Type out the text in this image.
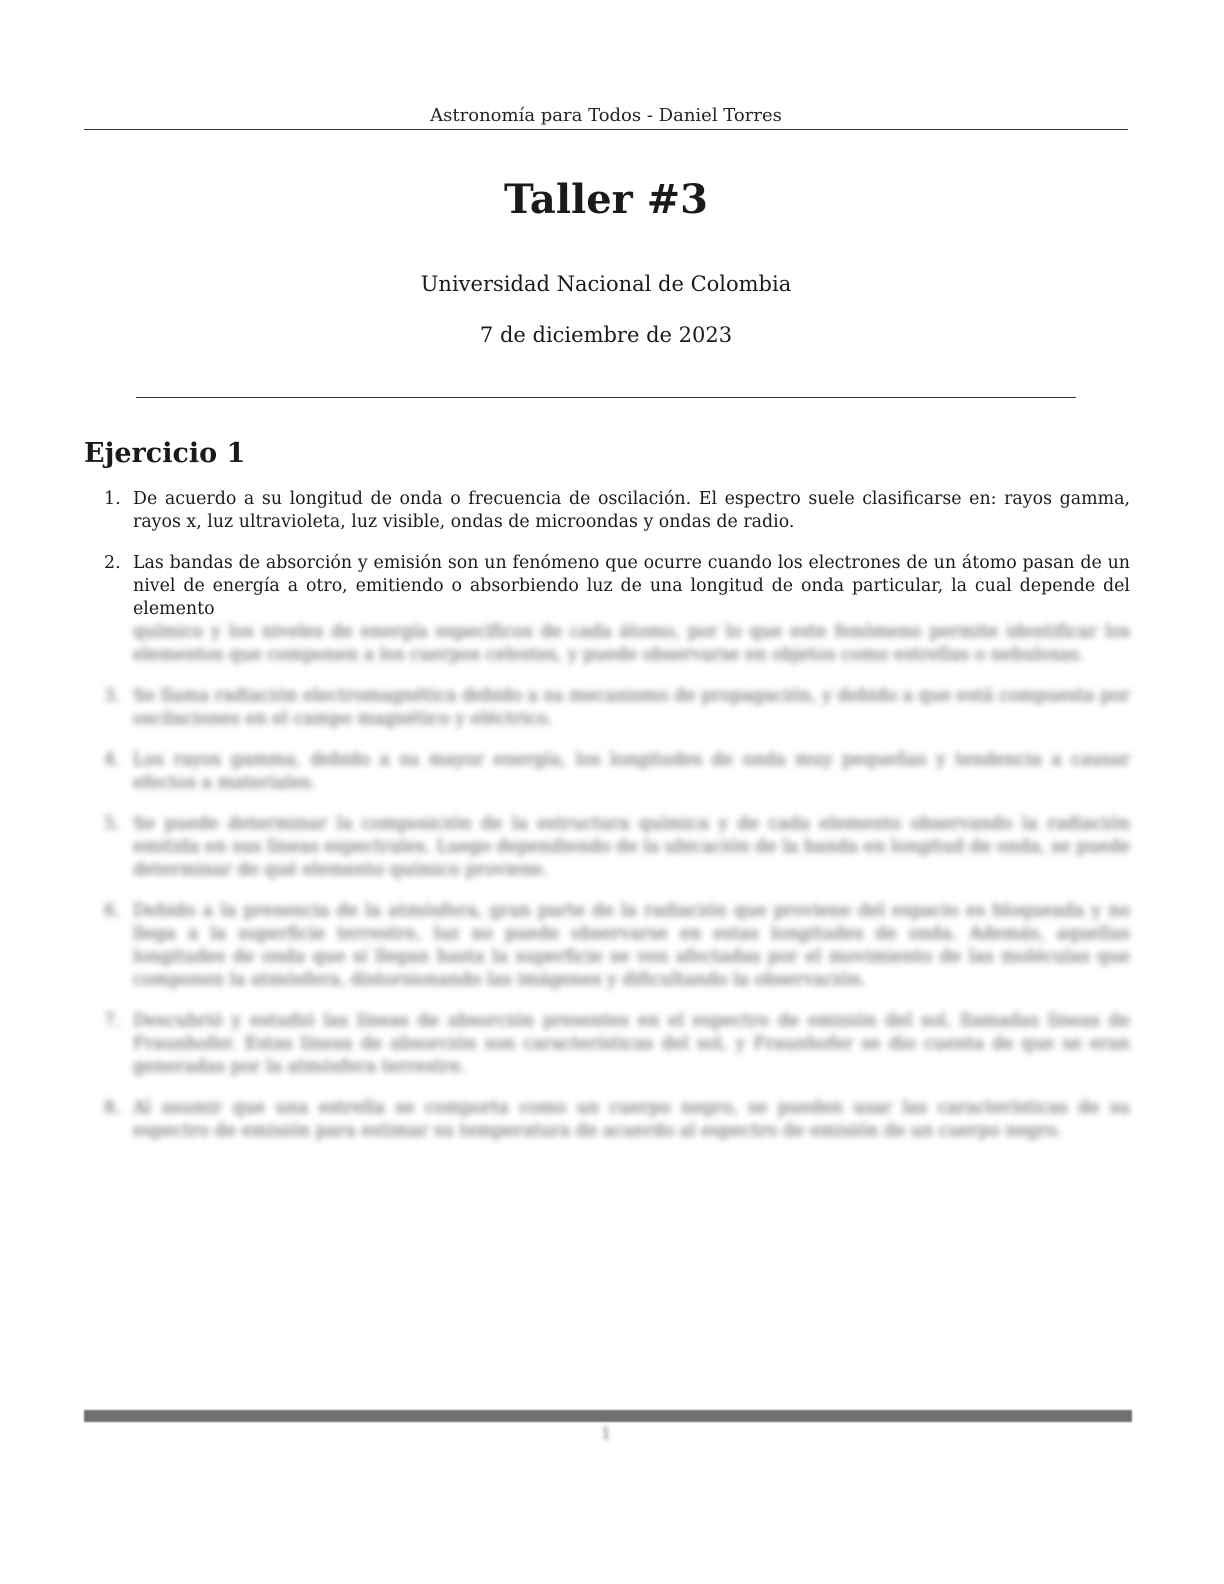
Astronomía para Todos - Daniel Torres
Taller #3
Universidad Nacional de Colombia
7 de diciembre de 2023
Ejercicio 1
1. De acuerdo a su longitud de onda o frecuencia de oscilación. El espectro suele clasificarse en: rayos gamma, rayos x, luz ultravioleta, luz visible, ondas de microondas y ondas de radio.
2. Las bandas de absorción y emisión son un fenómeno que ocurre cuando los electrones de un átomo pasan de un nivel de energía a otro, emitiendo o absorbiendo luz de una longitud de onda particular, la cual depende del elemento
químico y los niveles de energía específicos de cada átomo, por lo que este fenómeno permite identificar los elementos que componen a los cuerpos celestes, y puede observarse en objetos como estrellas o nebulosas.
3. Se llama radiación electromagnética debido a su mecanismo de propagación, y debido a que está compuesta por oscilaciones en el campo magnético y eléctrico.
4. Los rayos gamma, debido a su mayor energía, los longitudes de onda muy pequeñas y tendencia a causar efectos a materiales.
5. Se puede determinar la composición de la estructura química y de cada elemento observando la radiación emitida en sus líneas espectrales. Luego dependiendo de la ubicación de la banda en longitud de onda, se puede determinar de qué elemento químico proviene.
6. Debido a la presencia de la atmósfera, gran parte de la radiación que proviene del espacio es bloqueada y no llega a la superficie terrestre, luz no puede observarse en estas longitudes de onda. Además, aquellas longitudes de onda que sí llegan hasta la superficie se ven afectadas por el movimiento de las moléculas que componen la atmósfera, distorsionando las imágenes y dificultando la observación.
7. Descubrió y estudió las líneas de absorción presentes en el espectro de emisión del sol, llamadas líneas de Fraunhofer. Estas líneas de absorción son características del sol, y Fraunhofer se dio cuenta de que se eran generadas por la atmósfera terrestre.
8. Al asumir que una estrella se comporta como un cuerpo negro, se pueden usar las características de su espectro de emisión para estimar su temperatura de acuerdo al espectro de emisión de un cuerpo negro.
1
